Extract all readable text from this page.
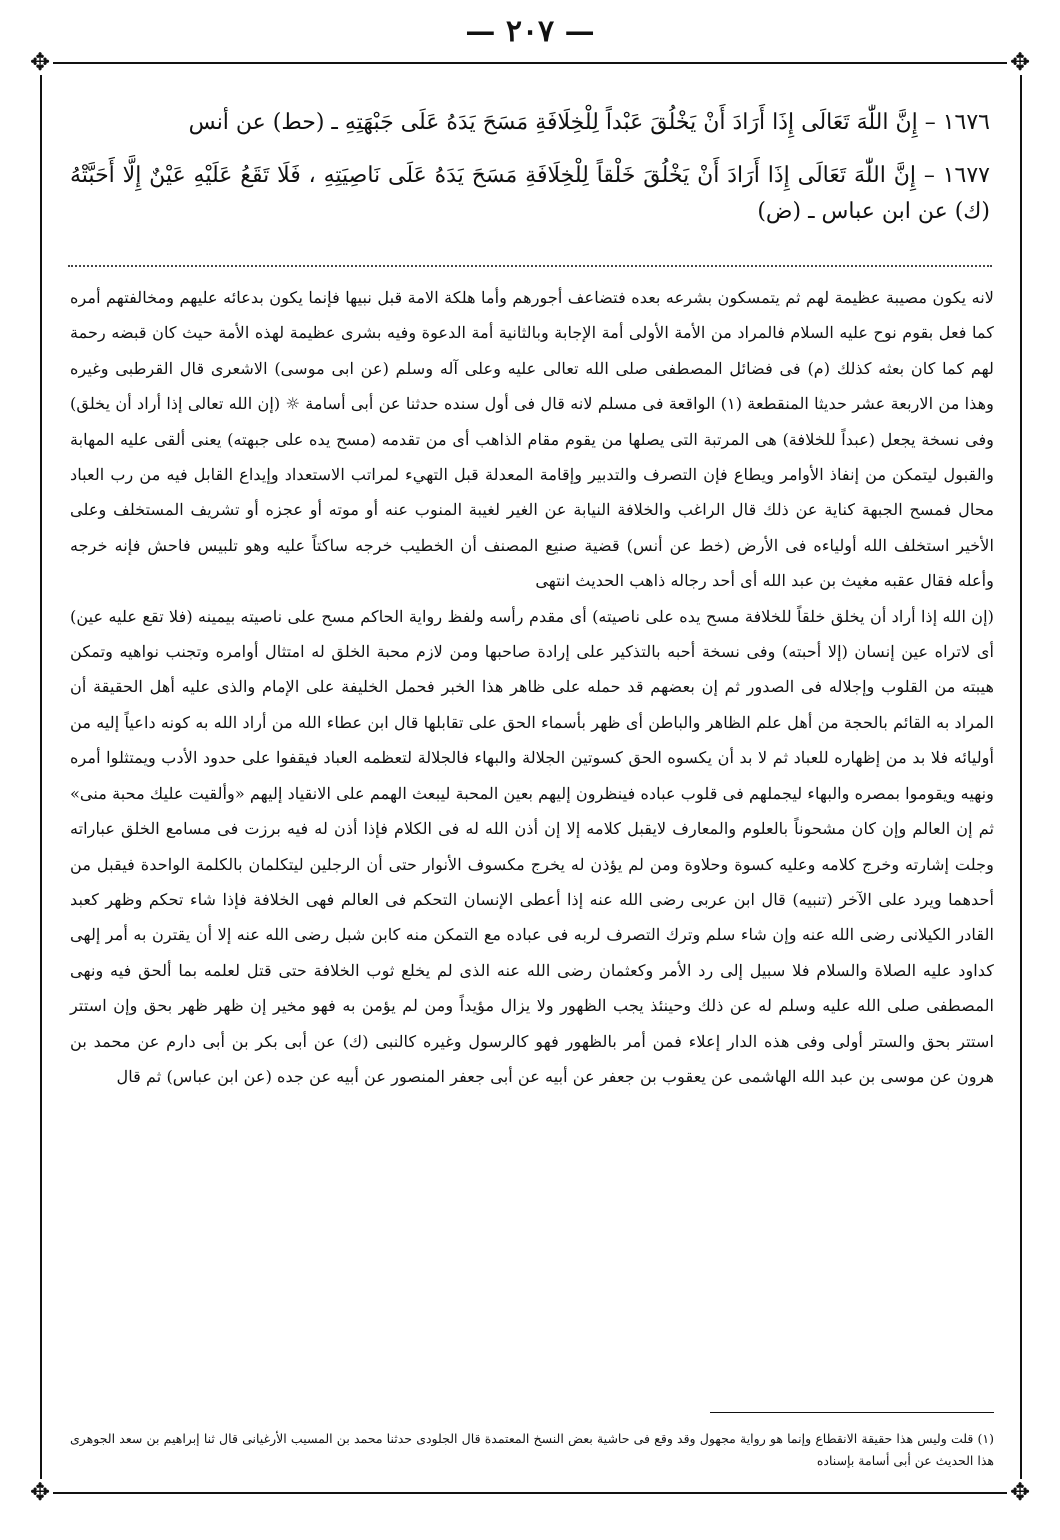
— ٢٠٧ —
✥	✥
✥	✥
١٦٧٦ – إِنَّ اللّٰهَ تَعَالَى إِذَا أَرَادَ أَنْ يَخْلُقَ عَبْداً لِلْخِلَافَةِ مَسَحَ يَدَهُ عَلَى جَبْهَتِهِ ـ (حط) عن أنس
١٦٧٧ – إِنَّ اللّٰهَ تَعَالَى إِذَا أَرَادَ أَنْ يَخْلُقَ خَلْقاً لِلْخِلَافَةِ مَسَحَ يَدَهُ عَلَى نَاصِيَتِهِ ، فَلَا تَقَعُ عَلَيْهِ عَيْنٌ إِلَّا أَحَبَّتْهُ (ك) عن ابن عباس ـ (ض)

لانه يكون مصيبة عظيمة لهم ثم يتمسكون بشرعه بعده فتضاعف أجورهم وأما هلكة الامة قبل نبيها فإنما يكون بدعائه عليهم ومخالفتهم أمره كما فعل بقوم نوح عليه السلام فالمراد من الأمة الأولى أمة الإجابة وبالثانية أمة الدعوة وفيه بشرى عظيمة لهذه الأمة حيث كان قبضه رحمة لهم كما كان بعثه كذلك (م) فى فضائل المصطفى صلى الله تعالى عليه وعلى آله وسلم (عن ابى موسى) الاشعرى قال القرطبى وغيره وهذا من الاربعة عشر حديثا المنقطعة (١) الواقعة فى مسلم لانه قال فى أول سنده حدثنا عن أبى أسامة ☼ (إن الله تعالى إذا أراد أن يخلق) وفى نسخة يجعل (عبداً للخلافة) هى المرتبة التى يصلها من يقوم مقام الذاهب أى من تقدمه (مسح يده على جبهته) يعنى ألقى عليه المهابة والقبول ليتمكن من إنفاذ الأوامر ويطاع فإن التصرف والتدبير وإقامة المعدلة قبل التهيء لمراتب الاستعداد وإيداع القابل فيه من رب العباد محال فمسح الجبهة كناية عن ذلك قال الراغب والخلافة النيابة عن الغير لغيبة المنوب عنه أو موته أو عجزه أو تشريف المستخلف وعلى الأخير استخلف الله أولياءه فى الأرض (خط عن أنس) قضية صنيع المصنف أن الخطيب خرجه ساكتاً عليه وهو تلبيس فاحش فإنه خرجه وأعله فقال عقبه مغيث بن عبد الله أى أحد رجاله ذاهب الحديث انتهى

(إن الله إذا أراد أن يخلق خلقاً للخلافة مسح يده على ناصيته) أى مقدم رأسه ولفظ رواية الحاكم مسح على ناصيته بيمينه (فلا تقع عليه عين) أى لاتراه عين إنسان (إلا أحبته) وفى نسخة أحبه بالتذكير على إرادة صاحبها ومن لازم محبة الخلق له امتثال أوامره وتجنب نواهيه وتمكن هيبته من القلوب وإجلاله فى الصدور ثم إن بعضهم قد حمله على ظاهر هذا الخبر فحمل الخليفة على الإمام والذى عليه أهل الحقيقة أن المراد به القائم بالحجة من أهل علم الظاهر والباطن أى ظهر بأسماء الحق على تقابلها قال ابن عطاء الله من أراد الله به كونه داعياً إليه من أوليائه فلا بد من إظهاره للعباد ثم لا بد أن يكسوه الحق كسوتين الجلالة والبهاء فالجلالة لتعظمه العباد فيقفوا على حدود الأدب ويمتثلوا أمره ونهيه ويقوموا بمصره والبهاء ليجملهم فى قلوب عباده فينظرون إليهم بعين المحبة ليبعث الهمم على الانقياد إليهم «وألقيت عليك محبة منى» ثم إن العالم وإن كان مشحوناً بالعلوم والمعارف لايقبل كلامه إلا إن أذن الله له فى الكلام فإذا أذن له فيه برزت فى مسامع الخلق عباراته وجلت إشارته وخرج كلامه وعليه كسوة وحلاوة ومن لم يؤذن له يخرج مكسوف الأنوار حتى أن الرجلين ليتكلمان بالكلمة الواحدة فيقبل من أحدهما ويرد على الآخر (تنبيه) قال ابن عربى رضى الله عنه إذا أعطى الإنسان التحكم فى العالم فهى الخلافة فإذا شاء تحكم وظهر كعبد القادر الكيلانى رضى الله عنه وإن شاء سلم وترك التصرف لربه فى عباده مع التمكن منه كابن شبل رضى الله عنه إلا أن يقترن به أمر إلهى كداود عليه الصلاة والسلام فلا سبيل إلى رد الأمر وكعثمان رضى الله عنه الذى لم يخلع ثوب الخلافة حتى قتل لعلمه بما ألحق فيه ونهى المصطفى صلى الله عليه وسلم له عن ذلك وحينئذ يجب الظهور ولا يزال مؤيداً ومن لم يؤمن به فهو مخير إن ظهر ظهر بحق وإن استتر استتر بحق والستر أولى وفى هذه الدار إعلاء فمن أمر بالظهور فهو كالرسول وغيره كالنبى (ك) عن أبى بكر بن أبى دارم عن محمد بن هرون عن موسى بن عبد الله الهاشمى عن يعقوب بن جعفر عن أبيه عن أبى جعفر المنصور عن أبيه عن جده (عن ابن عباس) ثم قال

(١) قلت وليس هذا حقيقة الانقطاع وإنما هو رواية مجهول وقد وقع فى حاشية بعض النسخ المعتمدة قال الجلودى حدثنا محمد بن المسيب الأرغيانى قال ثنا إبراهيم بن سعد الجوهرى هذا الحديث عن أبى أسامة بإسناده
